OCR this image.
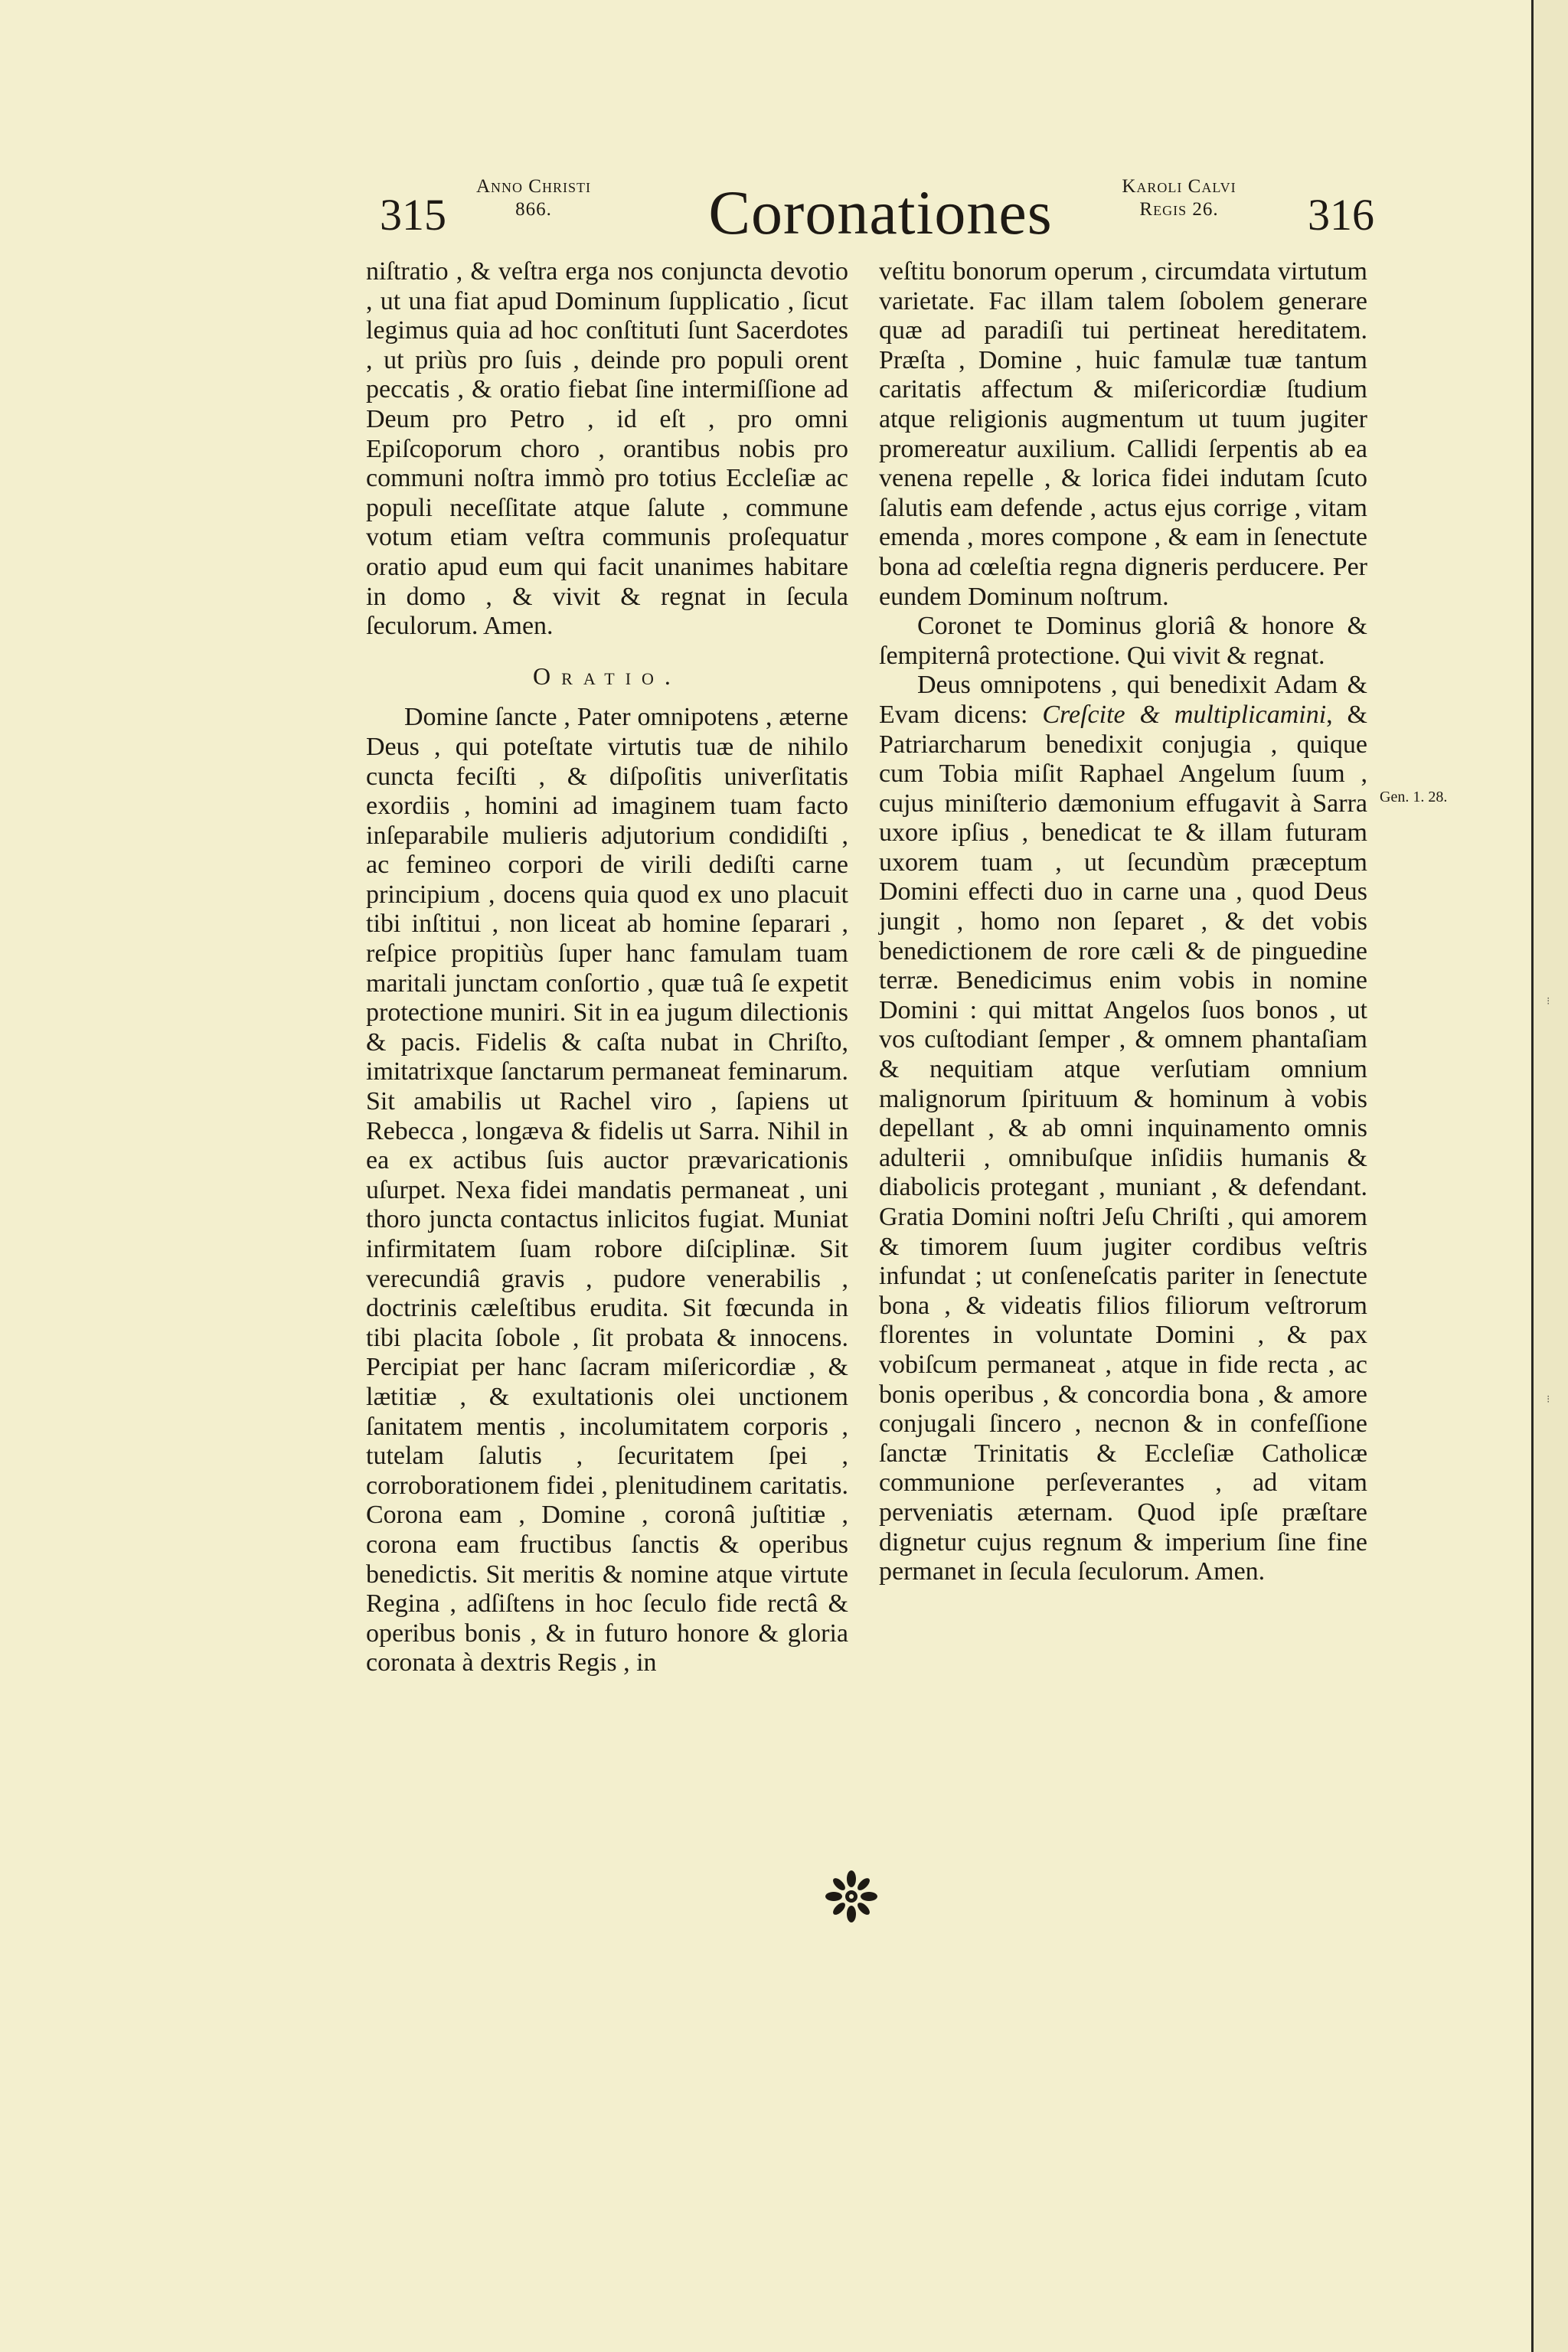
⁝
⁝
315
Anno Christi
866.	Coronationes	Karoli Calvi
Regis 26.	316

niſtratio , & veſtra erga nos conjuncta devotio , ut una fiat apud Dominum ſupplicatio , ſicut legimus quia ad hoc conſtituti ſunt Sacerdotes , ut priùs pro ſuis , deinde pro populi orent peccatis , & oratio fiebat ſine intermiſſione ad Deum pro Petro , id eſt , pro omni Epiſcoporum choro , orantibus nobis pro communi noſtra immò pro totius Eccleſiæ ac populi neceſſitate atque ſalute , commune votum etiam veſtra communis proſequatur oratio apud eum qui facit unanimes habitare in domo , & vivit & regnat in ſecula ſeculorum. Amen.

Oratio.

Domine ſancte , Pater omnipotens , æterne Deus , qui poteſtate virtutis tuæ de nihilo cuncta feciſti , & diſpoſitis univerſitatis exordiis , homini ad imaginem tuam facto inſeparabile mulieris adjutorium condidiſti , ac femineo corpori de virili dediſti carne principium , docens quia quod ex uno placuit tibi inſtitui , non liceat ab homine ſeparari , reſpice propitiùs ſuper hanc famulam tuam maritali junctam conſortio , quæ tuâ ſe expetit protectione muniri. Sit in ea jugum dilectionis & pacis. Fidelis & caſta nubat in Chriſto, imitatrixque ſanctarum permaneat feminarum. Sit amabilis ut Rachel viro , ſapiens ut Rebecca , longæva & fidelis ut Sarra. Nihil in ea ex actibus ſuis auctor prævaricationis uſurpet. Nexa fidei mandatis permaneat , uni thoro juncta contactus inlicitos fugiat. Muniat infirmitatem ſuam robore diſciplinæ. Sit verecundiâ gravis , pudore venerabilis , doctrinis cæleſtibus erudita. Sit fœcunda in tibi placita ſobole , ſit probata & innocens. Percipiat per hanc ſacram miſericordiæ , & lætitiæ , & exultationis olei unctionem ſanitatem mentis , incolumitatem corporis , tutelam ſalutis , ſecuritatem ſpei , corroborationem fidei , plenitudinem caritatis. Corona eam , Domine , coronâ juſtitiæ , corona eam fructibus ſanctis & operibus benedictis. Sit meritis & nomine atque virtute Regina , adſiſtens in hoc ſeculo fide rectâ & operibus bonis , & in futuro honore & gloria coronata à dextris Regis , in

veſtitu bonorum operum , circumdata virtutum varietate. Fac illam talem ſobolem generare quæ ad paradiſi tui pertineat hereditatem. Præſta , Domine , huic famulæ tuæ tantum caritatis affectum & miſericordiæ ſtudium atque religionis augmentum ut tuum jugiter promereatur auxilium. Callidi ſerpentis ab ea venena repelle , & lorica fidei indutam ſcuto ſalutis eam defende , actus ejus corrige , vitam emenda , mores compone , & eam in ſenectute bona ad cœleſtia regna digneris perducere. Per eundem Dominum noſtrum.

Coronet te Dominus gloriâ & honore & ſempiternâ protectione. Qui vivit & regnat.

Deus omnipotens , qui benedixit Adam & Evam dicens: Creſcite & multiplicamini, & Patriarcharum benedixit conjugia , quique cum Tobia miſit Raphael Angelum ſuum , cujus miniſterio dæmonium effugavit à Sarra uxore ipſius , benedicat te & illam futuram uxorem tuam , ut ſecundùm præceptum Domini effecti duo in carne una , quod Deus jungit , homo non ſeparet , & det vobis benedictionem de rore cæli & de pinguedine terræ. Benedicimus enim vobis in nomine Domini : qui mittat Angelos ſuos bonos , ut vos cuſtodiant ſemper , & omnem phantaſiam & nequitiam atque verſutiam omnium malignorum ſpirituum & hominum à vobis depellant , & ab omni inquinamento omnis adulterii , omnibuſque inſidiis humanis & diabolicis protegant , muniant , & defendant. Gratia Domini noſtri Jeſu Chriſti , qui amorem & timorem ſuum jugiter cordibus veſtris infundat ; ut conſeneſcatis pariter in ſenectute bona , & videatis filios filiorum veſtrorum florentes in voluntate Domini , & pax vobiſcum permaneat , atque in fide recta , ac bonis operibus , & concordia bona , & amore conjugali ſincero , necnon & in confeſſione ſanctæ Trinitatis & Eccleſiæ Catholicæ communione perſeverantes , ad vitam perveniatis æternam. Quod ipſe præſtare dignetur cujus regnum & imperium ſine fine permanet in ſecula ſeculorum. Amen.

Gen. 1. 28.
